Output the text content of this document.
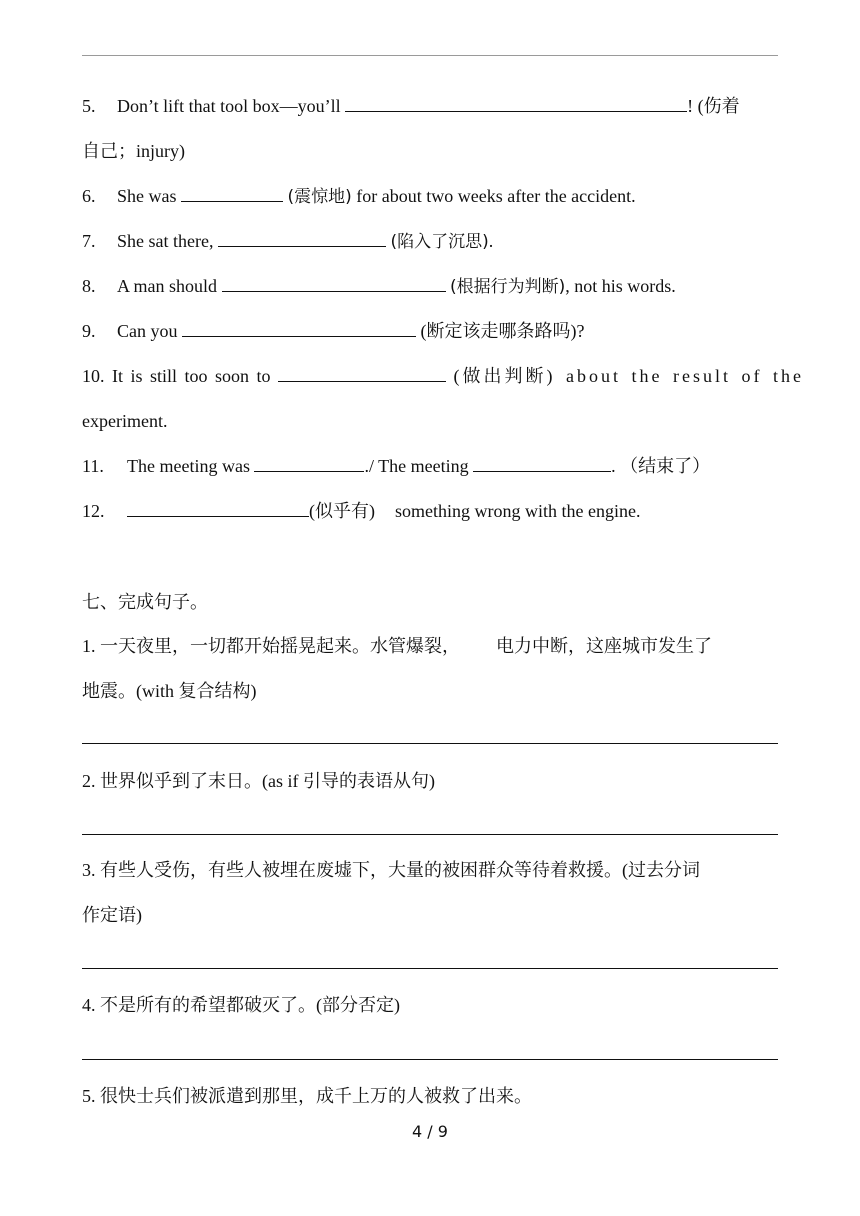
5. Don’t lift that tool box—you’ll	! (伤着
自己；injury)
6. She was	(震惊地) for about two weeks after the accident.
7. She sat there,	(陷入了沉思).
8. A man should	(根据行为判断), not his words.
9. Can you	(断定该走哪条路吗)?
10. It is still too soon to	(做出判断) about the result of the
experiment.
11. The meeting was	./ The meeting	. （结束了）
12.	(似乎有) something wrong with the engine.
七、完成句子。
1. 一天夜里，一切都开始摇晃起来。水管爆裂， 电力中断，这座城市发生了
地震。(with 复合结构)
2. 世界似乎到了末日。(as if 引导的表语从句)
3. 有些人受伤，有些人被埋在废墟下，大量的被困群众等待着救援。(过去分词
作定语)
4. 不是所有的希望都破灭了。(部分否定)
5. 很快士兵们被派遣到那里，成千上万的人被救了出来。
4 / 9
